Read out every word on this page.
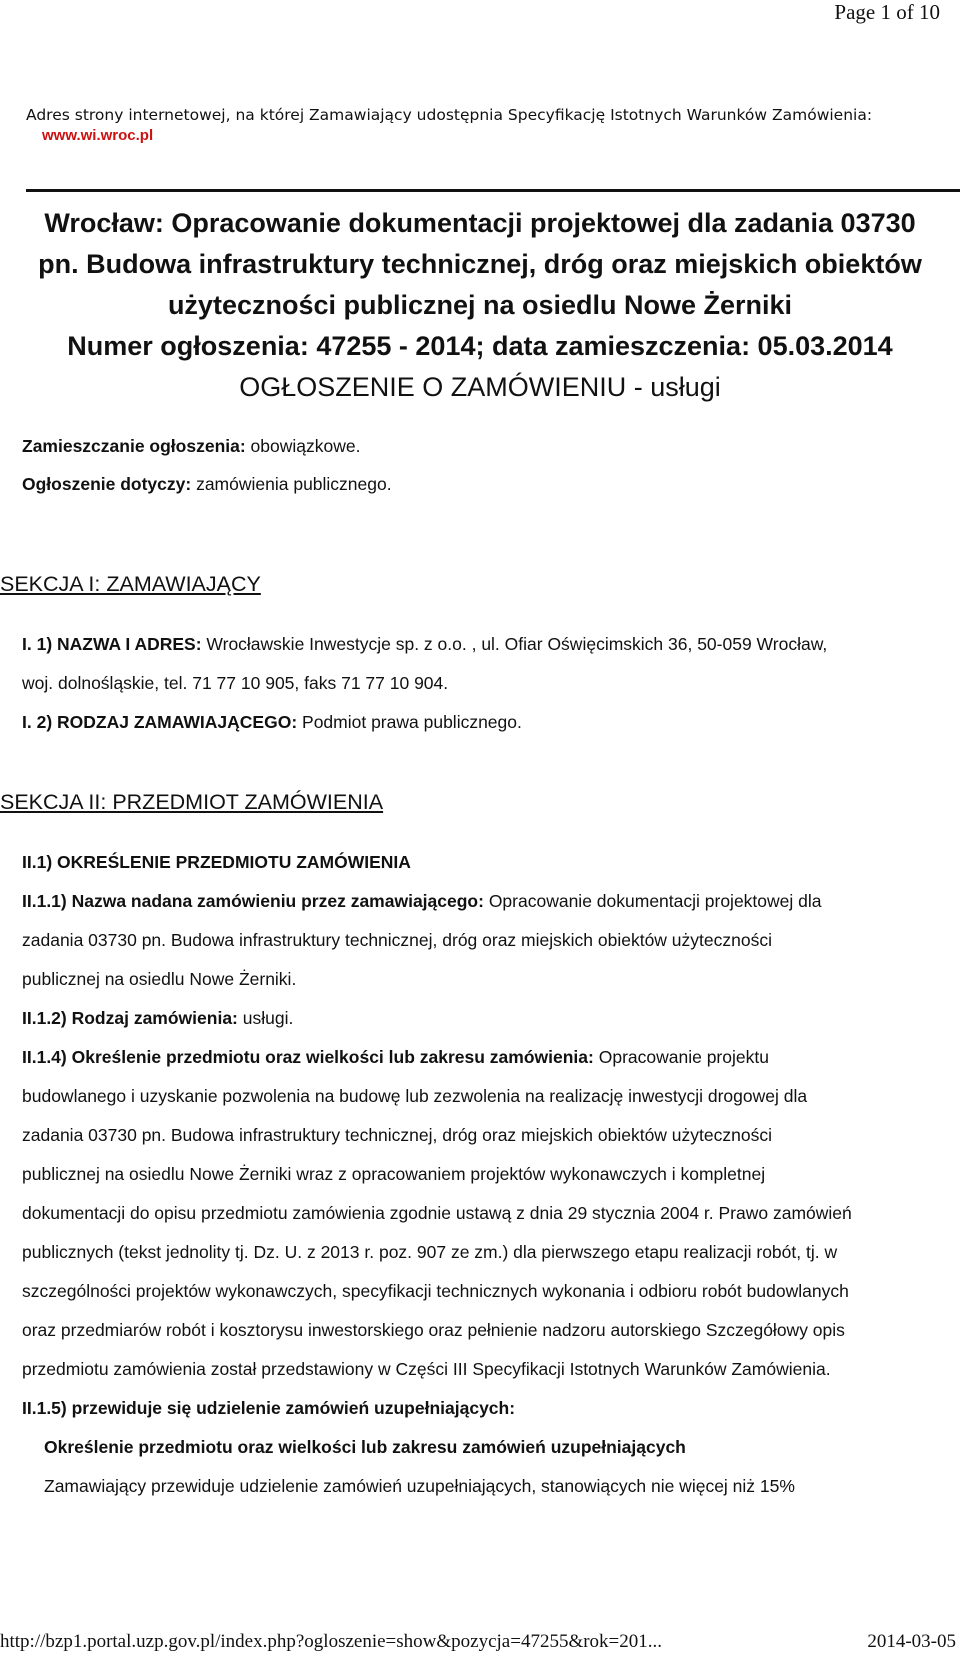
Page 1 of 10
Adres strony internetowej, na której Zamawiający udostępnia Specyfikację Istotnych Warunków Zamówienia:
www.wi.wroc.pl
Wrocław: Opracowanie dokumentacji projektowej dla zadania 03730
pn. Budowa infrastruktury technicznej, dróg oraz miejskich obiektów
użyteczności publicznej na osiedlu Nowe Żerniki
Numer ogłoszenia: 47255 - 2014; data zamieszczenia: 05.03.2014
OGŁOSZENIE O ZAMÓWIENIU - usługi
Zamieszczanie ogłoszenia: obowiązkowe.
Ogłoszenie dotyczy: zamówienia publicznego.
SEKCJA I: ZAMAWIAJĄCY
I. 1) NAZWA I ADRES: Wrocławskie Inwestycje sp. z o.o. , ul. Ofiar Oświęcimskich 36, 50-059 Wrocław,
woj. dolnośląskie, tel. 71 77 10 905, faks 71 77 10 904.
I. 2) RODZAJ ZAMAWIAJĄCEGO: Podmiot prawa publicznego.
SEKCJA II: PRZEDMIOT ZAMÓWIENIA
II.1) OKREŚLENIE PRZEDMIOTU ZAMÓWIENIA
II.1.1) Nazwa nadana zamówieniu przez zamawiającego: Opracowanie dokumentacji projektowej dla
zadania 03730 pn. Budowa infrastruktury technicznej, dróg oraz miejskich obiektów użyteczności
publicznej na osiedlu Nowe Żerniki.
II.1.2) Rodzaj zamówienia: usługi.
II.1.4) Określenie przedmiotu oraz wielkości lub zakresu zamówienia: Opracowanie projektu
budowlanego i uzyskanie pozwolenia na budowę lub zezwolenia na realizację inwestycji drogowej dla
zadania 03730 pn. Budowa infrastruktury technicznej, dróg oraz miejskich obiektów użyteczności
publicznej na osiedlu Nowe Żerniki wraz z opracowaniem projektów wykonawczych i kompletnej
dokumentacji do opisu przedmiotu zamówienia zgodnie ustawą z dnia 29 stycznia 2004 r. Prawo zamówień
publicznych (tekst jednolity tj. Dz. U. z 2013 r. poz. 907 ze zm.) dla pierwszego etapu realizacji robót, tj. w
szczególności projektów wykonawczych, specyfikacji technicznych wykonania i odbioru robót budowlanych
oraz przedmiarów robót i kosztorysu inwestorskiego oraz pełnienie nadzoru autorskiego Szczegółowy opis
przedmiotu zamówienia został przedstawiony w Części III Specyfikacji Istotnych Warunków Zamówienia.
II.1.5) przewiduje się udzielenie zamówień uzupełniających:
Określenie przedmiotu oraz wielkości lub zakresu zamówień uzupełniających
Zamawiający przewiduje udzielenie zamówień uzupełniających, stanowiących nie więcej niż 15%
http://bzp1.portal.uzp.gov.pl/index.php?ogloszenie=show&pozycja=47255&rok=201...	2014-03-05
